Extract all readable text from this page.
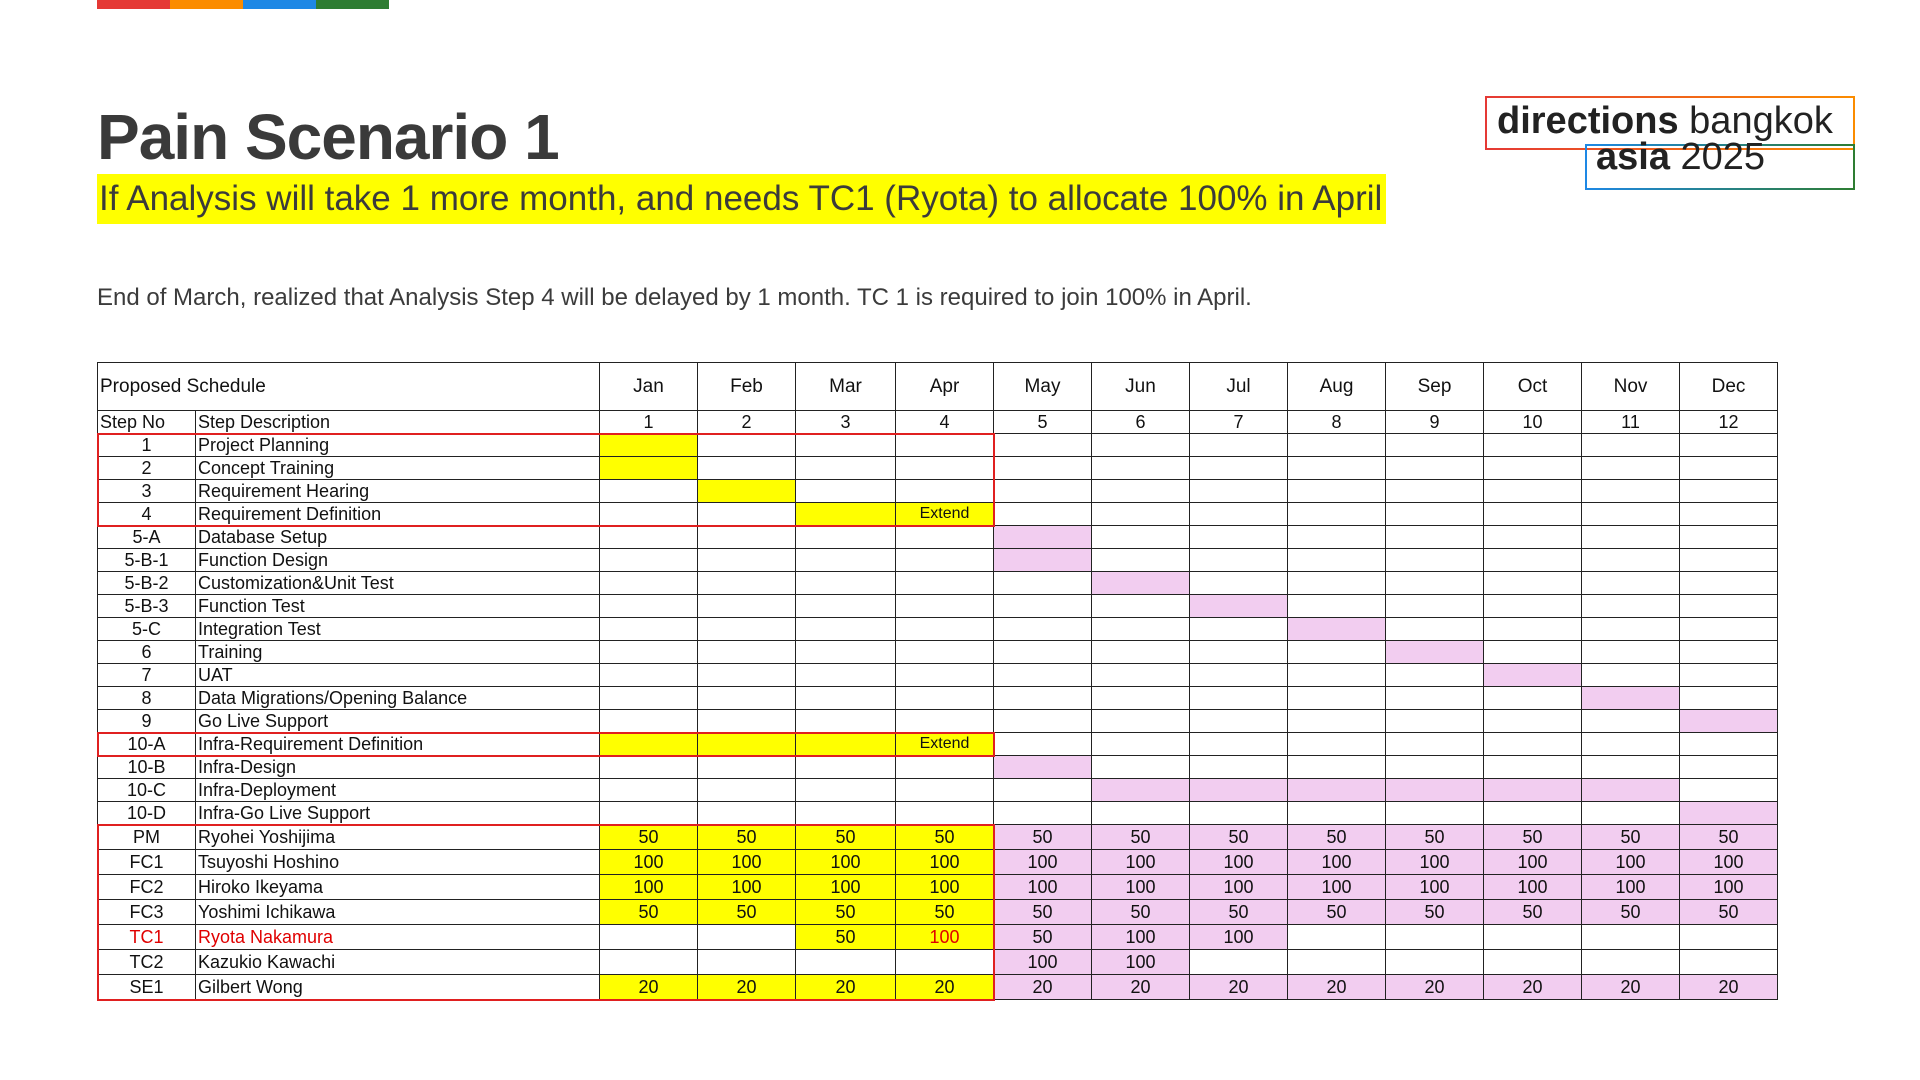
Pain Scenario 1
If Analysis will take 1 more month, and needs TC1 (Ryota) to allocate 100% in April
End of March, realized that Analysis Step 4 will be delayed by 1 month. TC 1 is required to join 100% in April.
directions bangkok
asia 2025
Proposed Schedule		Jan	Feb	Mar	Apr	May	Jun	Jul	Aug	Sep	Oct	Nov	Dec
Step No	Step Description	1	2	3	4	5	6	7	8	9	10	11	12
1	Project Planning												
2	Concept Training												
3	Requirement Hearing												
4	Requirement Definition				Extend								
5-A	Database Setup												
5-B-1	Function Design												
5-B-2	Customization&Unit Test												
5-B-3	Function Test												
5-C	Integration Test												
6	Training												
7	UAT												
8	Data Migrations/Opening Balance												
9	Go Live Support												
10-A	Infra-Requirement Definition				Extend								
10-B	Infra-Design												
10-C	Infra-Deployment												
10-D	Infra-Go Live Support												
PM	Ryohei Yoshijima	50	50	50	50	50	50	50	50	50	50	50	50
FC1	Tsuyoshi Hoshino	100	100	100	100	100	100	100	100	100	100	100	100
FC2	Hiroko Ikeyama	100	100	100	100	100	100	100	100	100	100	100	100
FC3	Yoshimi Ichikawa	50	50	50	50	50	50	50	50	50	50	50	50
TC1	Ryota Nakamura			50	100	50	100	100					
TC2	Kazukio Kawachi					100	100						
SE1	Gilbert Wong	20	20	20	20	20	20	20	20	20	20	20	20
